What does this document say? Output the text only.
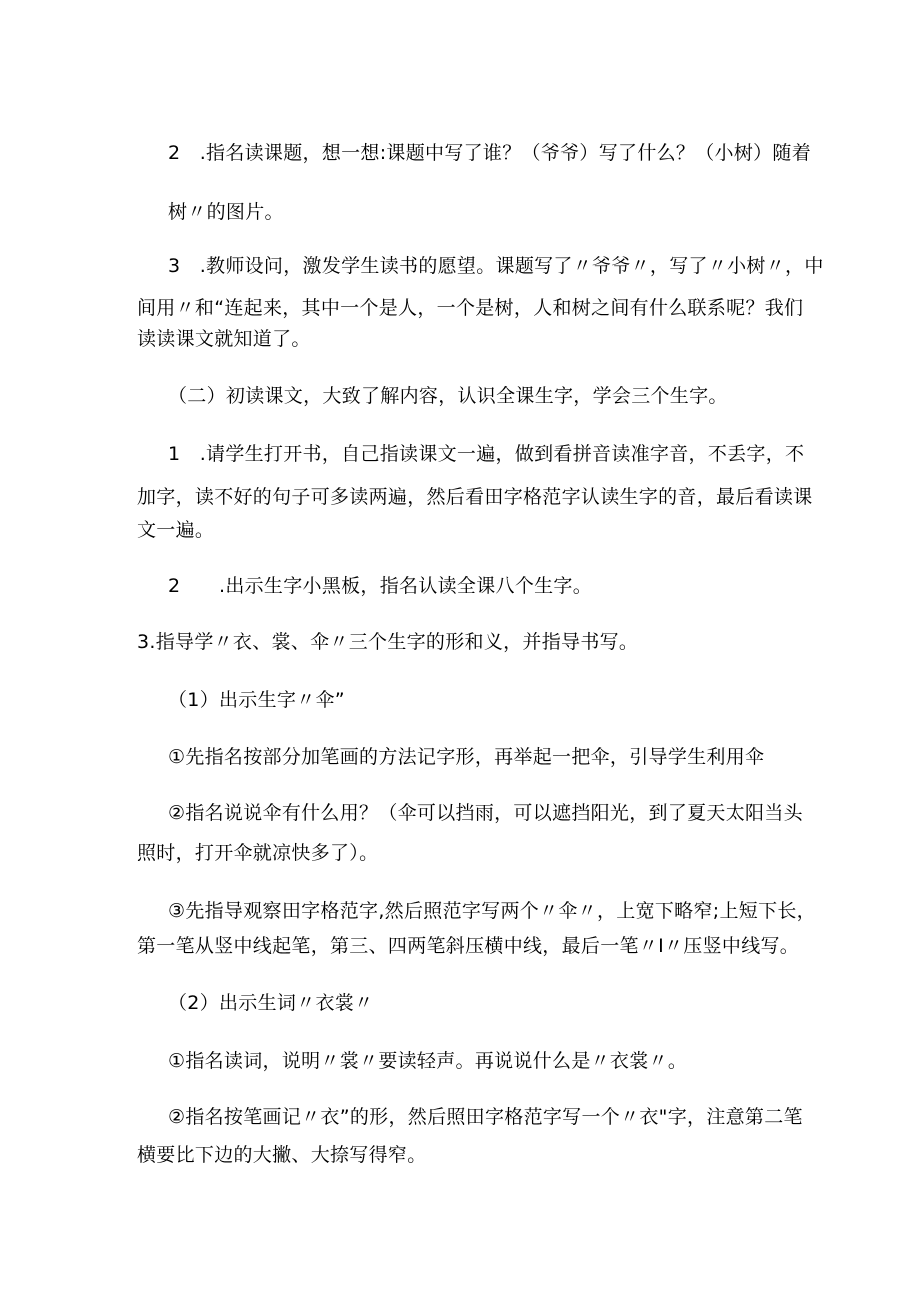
2　.指名读课题，想一想:课题中写了谁？（爷爷）写了什么？（小树）随着
树〃的图片。
3　.教师设问，激发学生读书的愿望。课题写了〃爷爷〃，写了〃小树〃，中
间用〃和“连起来，其中一个是人，一个是树，人和树之间有什么联系呢？我们
读读课文就知道了。
（二）初读课文，大致了解内容，认识全课生字，学会三个生字。
1　.请学生打开书，自己指读课文一遍，做到看拼音读准字音，不丢字，不
加字，读不好的句子可多读两遍，然后看田字格范字认读生字的音，最后看读课
文一遍。
2　　.出示生字小黑板，指名认读全课八个生字。
3.指导学〃衣、裳、伞〃三个生字的形和义，并指导书写。
（1）出示生字〃伞”
①先指名按部分加笔画的方法记字形，再举起一把伞，引导学生利用伞
②指名说说伞有什么用？（伞可以挡雨，可以遮挡阳光，到了夏天太阳当头
照时，打开伞就凉快多了）。
③先指导观察田字格范字,然后照范字写两个〃伞〃，上宽下略窄;上短下长，
第一笔从竖中线起笔，第三、四两笔斜压横中线，最后一笔〃I〃压竖中线写。
（2）出示生词〃衣裳〃
①指名读词，说明〃裳〃要读轻声。再说说什么是〃衣裳〃。
②指名按笔画记〃衣”的形，然后照田字格范字写一个〃衣"字，注意第二笔
横要比下边的大撇、大捺写得窄。
